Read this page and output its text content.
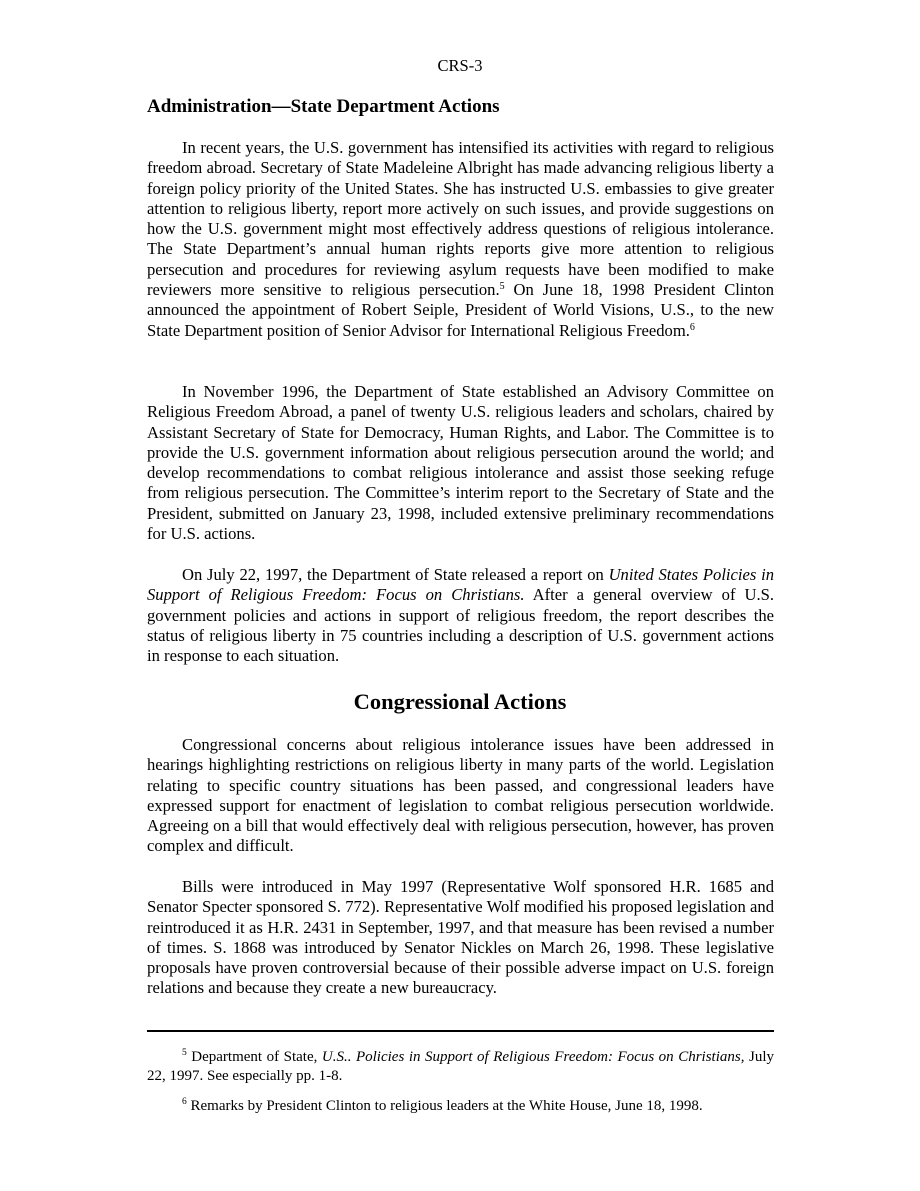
CRS-3
Administration—State Department Actions

In recent years, the U.S. government has intensified its activities with regard to religious freedom abroad. Secretary of State Madeleine Albright has made advancing religious liberty a foreign policy priority of the United States. She has instructed U.S. embassies to give greater attention to religious liberty, report more actively on such issues, and provide suggestions on how the U.S. government might most effectively address questions of religious intolerance. The State Department’s annual human rights reports give more attention to religious persecution and procedures for reviewing asylum requests have been modified to make reviewers more sensitive to religious persecution.$^5$ On June 18, 1998 President Clinton announced the appointment of Robert Seiple, President of World Visions, U.S., to the new State Department position of Senior Advisor for International Religious Freedom.$^6$

In November 1996, the Department of State established an Advisory Committee on Religious Freedom Abroad, a panel of twenty U.S. religious leaders and scholars, chaired by Assistant Secretary of State for Democracy, Human Rights, and Labor. The Committee is to provide the U.S. government information about religious persecution around the world; and develop recommendations to combat religious intolerance and assist those seeking refuge from religious persecution. The Committee’s interim report to the Secretary of State and the President, submitted on January 23, 1998, included extensive preliminary recommendations for U.S. actions.

On July 22, 1997, the Department of State released a report on United States Policies in Support of Religious Freedom: Focus on Christians. After a general overview of U.S. government policies and actions in support of religious freedom, the report describes the status of religious liberty in 75 countries including a description of U.S. government actions in response to each situation.

Congressional Actions

Congressional concerns about religious intolerance issues have been addressed in hearings highlighting restrictions on religious liberty in many parts of the world. Legislation relating to specific country situations has been passed, and congressional leaders have expressed support for enactment of legislation to combat religious persecution worldwide. Agreeing on a bill that would effectively deal with religious persecution, however, has proven complex and difficult.

Bills were introduced in May 1997 (Representative Wolf sponsored H.R. 1685 and Senator Specter sponsored S. 772). Representative Wolf modified his proposed legislation and reintroduced it as H.R. 2431 in September, 1997, and that measure has been revised a number of times. S. 1868 was introduced by Senator Nickles on March 26, 1998. These legislative proposals have proven controversial because of their possible adverse impact on U.S. foreign relations and because they create a new bureaucracy.

$^5$ Department of State, U.S.. Policies in Support of Religious Freedom: Focus on Christians, July 22, 1997. See especially pp. 1-8.

$^6$ Remarks by President Clinton to religious leaders at the White House, June 18, 1998.
